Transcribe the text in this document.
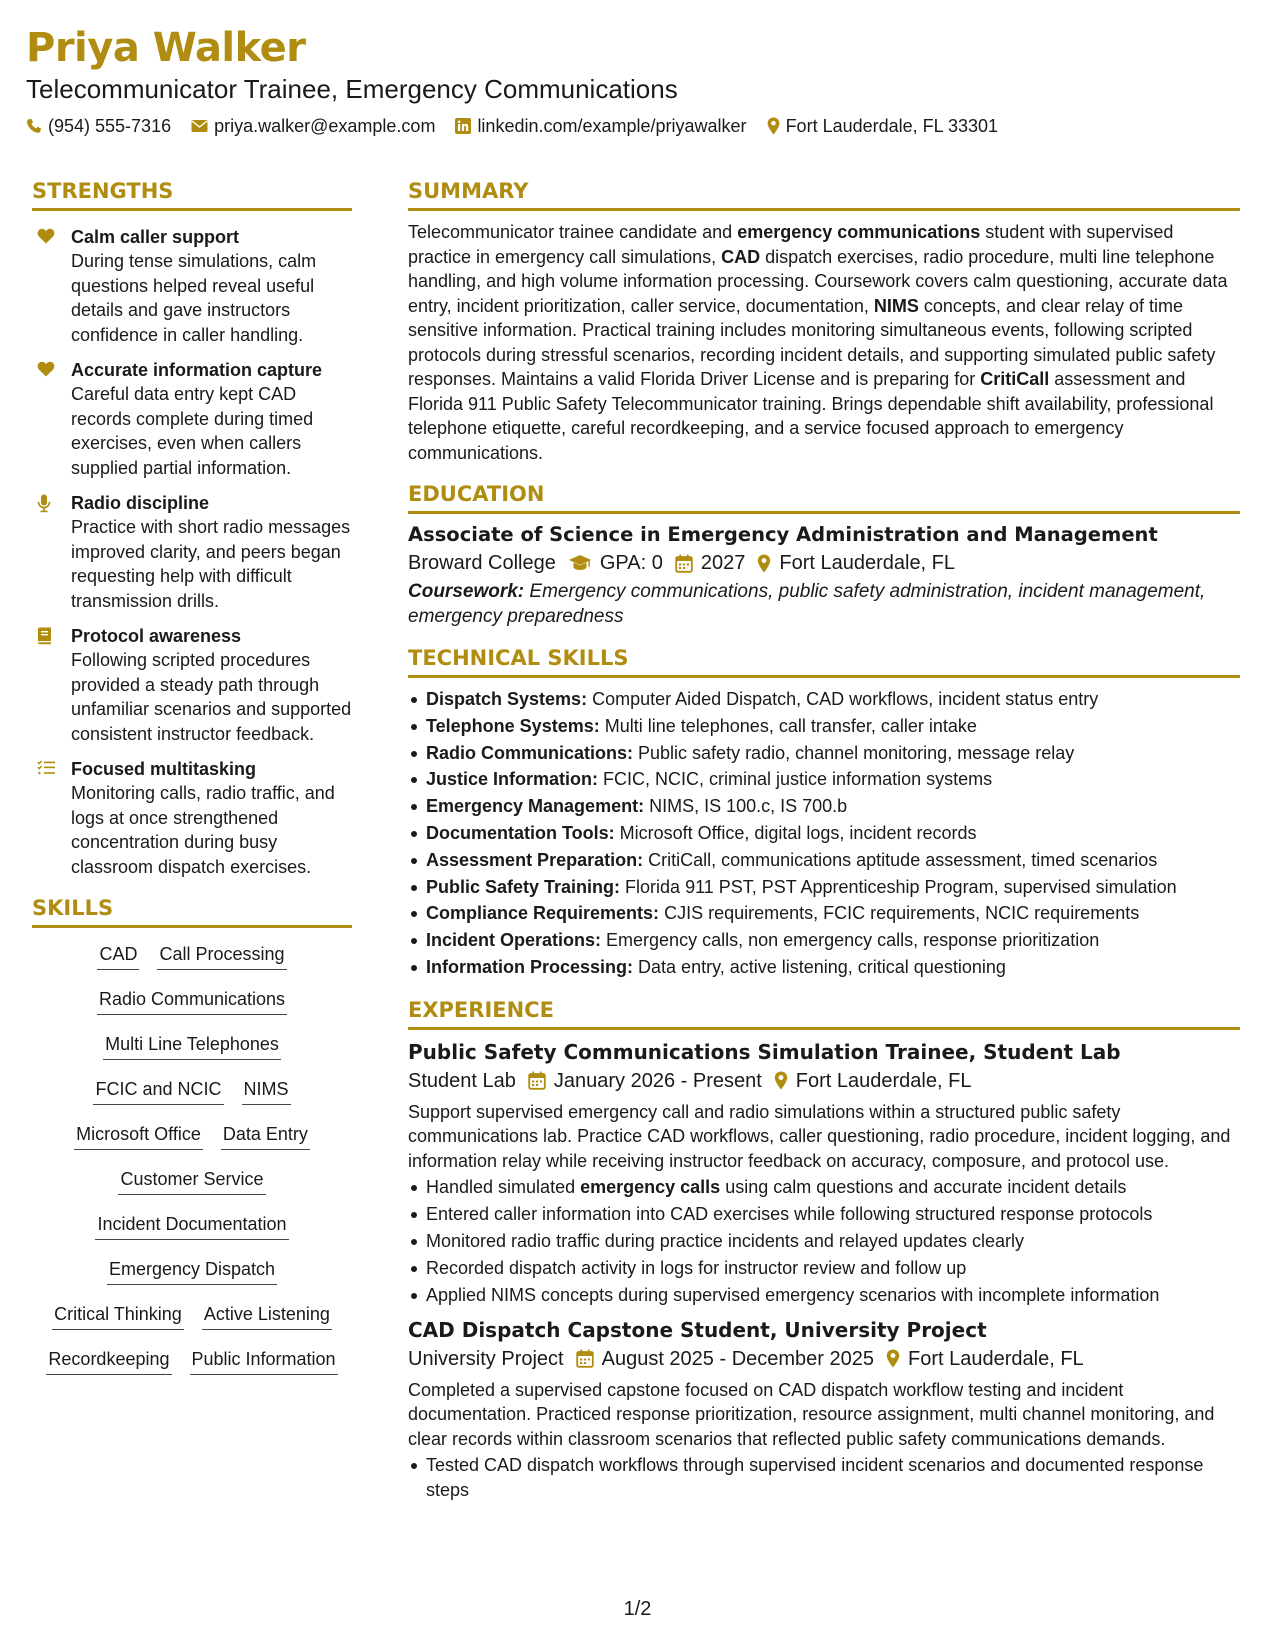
Priya Walker
Telecommunicator Trainee, Emergency Communications
(954) 555-7316 priya.walker@example.com linkedin.com/example/priyawalker Fort Lauderdale, FL 33301
STRENGTHS
Calm caller support
During tense simulations, calm questions helped reveal useful details and gave instructors confidence in caller handling.
Accurate information capture
Careful data entry kept CAD records complete during timed exercises, even when callers supplied partial information.
Radio discipline
Practice with short radio messages improved clarity, and peers began requesting help with difficult transmission drills.
Protocol awareness
Following scripted procedures provided a steady path through unfamiliar scenarios and supported consistent instructor feedback.
Focused multitasking
Monitoring calls, radio traffic, and logs at once strengthened concentration during busy classroom dispatch exercises.
SKILLS
CAD Call Processing
Radio Communications
Multi Line Telephones
FCIC and NCIC NIMS
Microsoft Office Data Entry
Customer Service
Incident Documentation
Emergency Dispatch
Critical Thinking Active Listening
Recordkeeping Public Information
SUMMARY
Telecommunicator trainee candidate and emergency communications student with supervised practice in emergency call simulations, CAD dispatch exercises, radio procedure, multi line telephone handling, and high volume information processing. Coursework covers calm questioning, accurate data entry, incident prioritization, caller service, documentation, NIMS concepts, and clear relay of time sensitive information. Practical training includes monitoring simultaneous events, following scripted protocols during stressful scenarios, recording incident details, and supporting simulated public safety responses. Maintains a valid Florida Driver License and is preparing for CritiCall assessment and Florida 911 Public Safety Telecommunicator training. Brings dependable shift availability, professional telephone etiquette, careful recordkeeping, and a service focused approach to emergency communications.
EDUCATION
Associate of Science in Emergency Administration and Management
Broward College GPA: 0 2027 Fort Lauderdale, FL
Coursework: Emergency communications, public safety administration, incident management, emergency preparedness
TECHNICAL SKILLS
Dispatch Systems: Computer Aided Dispatch, CAD workflows, incident status entry
Telephone Systems: Multi line telephones, call transfer, caller intake
Radio Communications: Public safety radio, channel monitoring, message relay
Justice Information: FCIC, NCIC, criminal justice information systems
Emergency Management: NIMS, IS 100.c, IS 700.b
Documentation Tools: Microsoft Office, digital logs, incident records
Assessment Preparation: CritiCall, communications aptitude assessment, timed scenarios
Public Safety Training: Florida 911 PST, PST Apprenticeship Program, supervised simulation
Compliance Requirements: CJIS requirements, FCIC requirements, NCIC requirements
Incident Operations: Emergency calls, non emergency calls, response prioritization
Information Processing: Data entry, active listening, critical questioning
EXPERIENCE
Public Safety Communications Simulation Trainee, Student Lab
Student Lab January 2026 - Present Fort Lauderdale, FL
Support supervised emergency call and radio simulations within a structured public safety communications lab. Practice CAD workflows, caller questioning, radio procedure, incident logging, and information relay while receiving instructor feedback on accuracy, composure, and protocol use.
Handled simulated emergency calls using calm questions and accurate incident details
Entered caller information into CAD exercises while following structured response protocols
Monitored radio traffic during practice incidents and relayed updates clearly
Recorded dispatch activity in logs for instructor review and follow up
Applied NIMS concepts during supervised emergency scenarios with incomplete information
CAD Dispatch Capstone Student, University Project
University Project August 2025 - December 2025 Fort Lauderdale, FL
Completed a supervised capstone focused on CAD dispatch workflow testing and incident documentation. Practiced response prioritization, resource assignment, multi channel monitoring, and clear records within classroom scenarios that reflected public safety communications demands.
Tested CAD dispatch workflows through supervised incident scenarios and documented response steps
1/2
